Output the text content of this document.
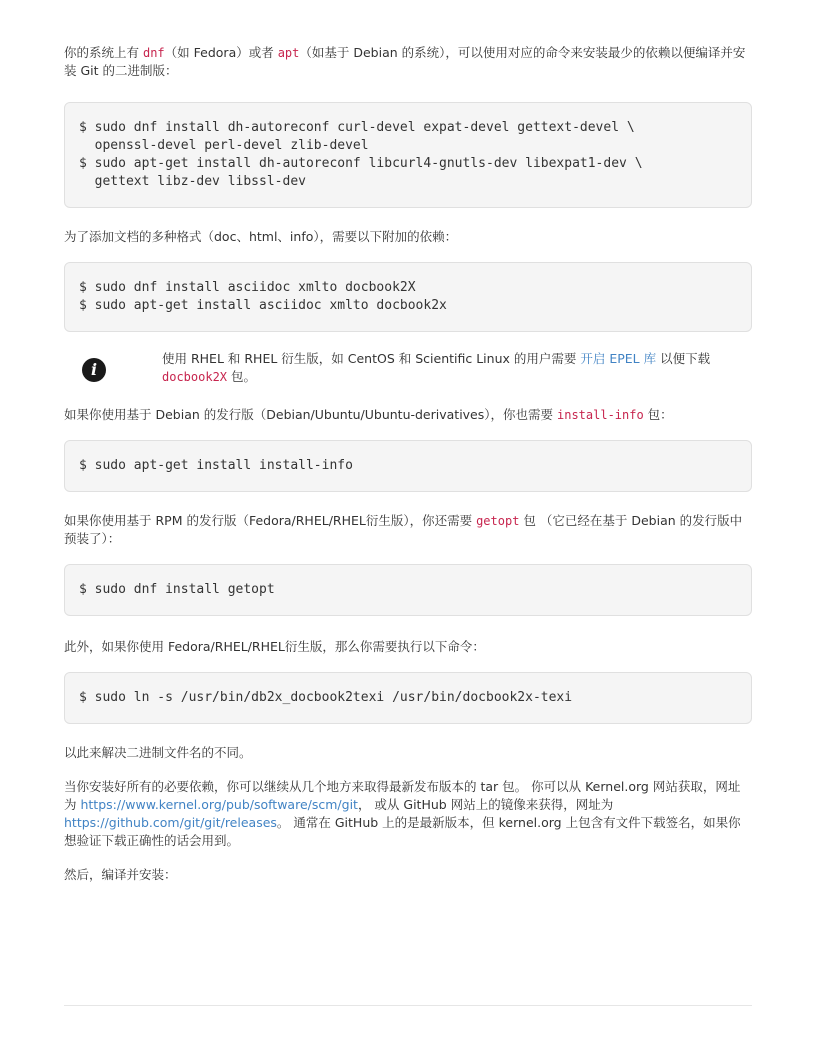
你的系统上有 dnf（如 Fedora）或者 apt（如基于 Debian 的系统），可以使用对应的命令来安装最少的依赖以便编译并安装 Git 的二进制版：

$ sudo dnf install dh-autoreconf curl-devel expat-devel gettext-devel \
openssl-devel perl-devel zlib-devel
$ sudo apt-get install dh-autoreconf libcurl4-gnutls-dev libexpat1-dev \
gettext libz-dev libssl-dev

为了添加文档的多种格式（doc、html、info），需要以下附加的依赖：

$ sudo dnf install asciidoc xmlto docbook2X
$ sudo apt-get install asciidoc xmlto docbook2x
i
使用 RHEL 和 RHEL 衍生版，如 CentOS 和 Scientific Linux 的用户需要 开启 EPEL 库 以便下载 docbook2X 包。

如果你使用基于 Debian 的发行版（Debian/Ubuntu/Ubuntu-derivatives），你也需要 install-info 包：

$ sudo apt-get install install-info

如果你使用基于 RPM 的发行版（Fedora/RHEL/RHEL衍生版），你还需要 getopt 包 （它已经在基于 Debian 的发行版中预装了）：

$ sudo dnf install getopt

此外，如果你使用 Fedora/RHEL/RHEL衍生版，那么你需要执行以下命令：

$ sudo ln -s /usr/bin/db2x_docbook2texi /usr/bin/docbook2x-texi

以此来解决二进制文件名的不同。

当你安装好所有的必要依赖，你可以继续从几个地方来取得最新发布版本的 tar 包。 你可以从 Kernel.org 网站获取，网址为 https://www.kernel.org/pub/software/scm/git， 或从 GitHub 网站上的镜像来获得，网址为 https://github.com/git/git/releases。 通常在 GitHub 上的是最新版本，但 kernel.org 上包含有文件下载签名，如果你想验证下载正确性的话会用到。

然后，编译并安装：
